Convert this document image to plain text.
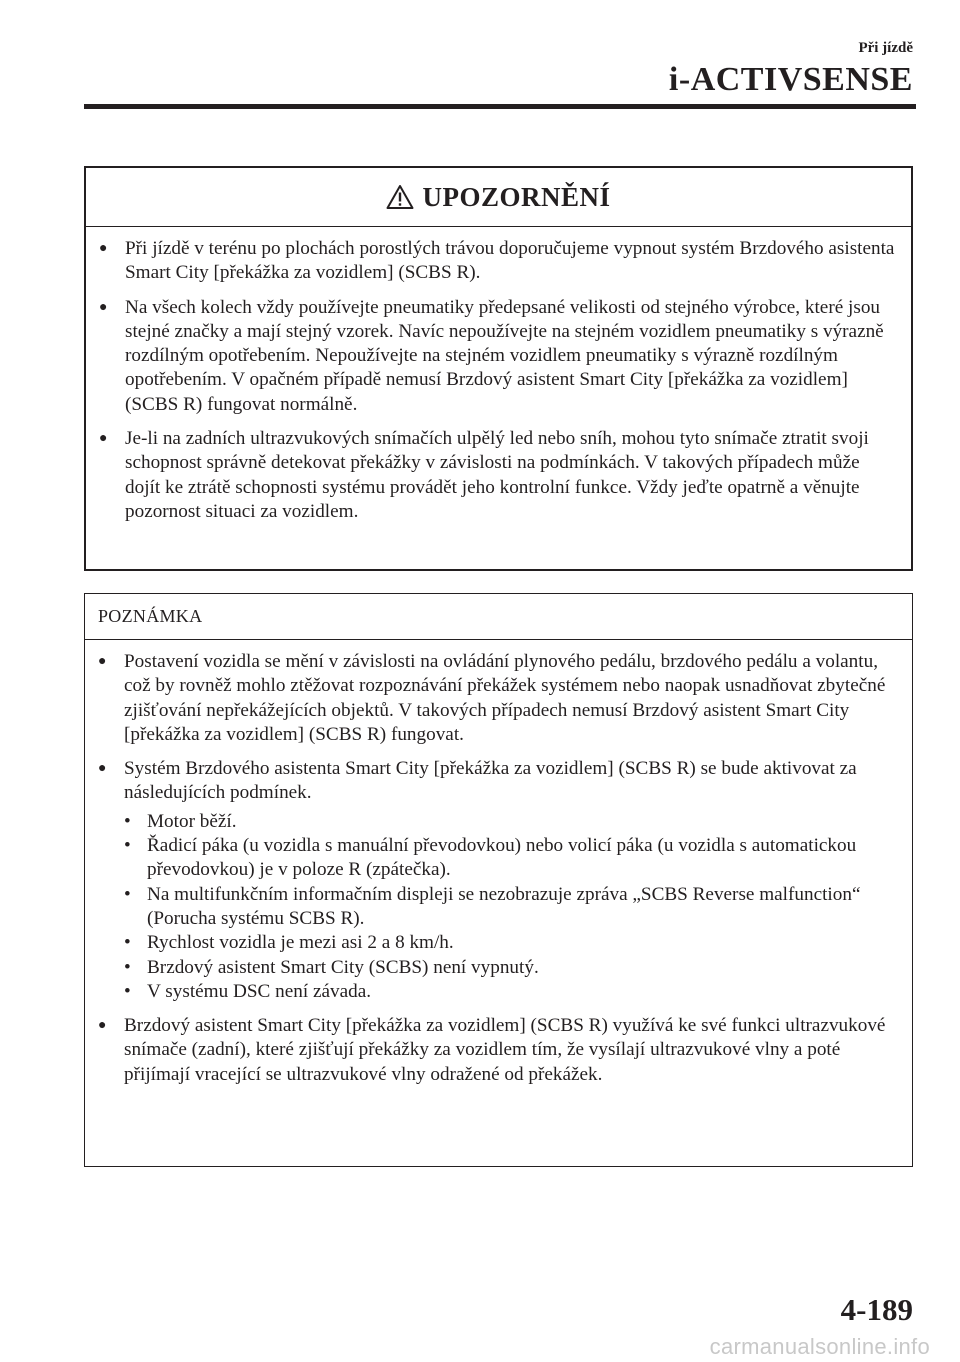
Při jízdě
i-ACTIVSENSE
UPOZORNĚNÍ
● Při jízdě v terénu po plochách porostlých trávou doporučujeme vypnout systém Brzdového asistenta Smart City [překážka za vozidlem] (SCBS R).
● Na všech kolech vždy používejte pneumatiky předepsané velikosti od stejného výrobce, které jsou stejné značky a mají stejný vzorek. Navíc nepoužívejte na stejném vozidlem pneumatiky s výrazně rozdílným opotřebením. Nepoužívejte na stejném vozidlem pneumatiky s výrazně rozdílným opotřebením. V opačném případě nemusí Brzdový asistent Smart City [překážka za vozidlem] (SCBS R) fungovat normálně.
● Je-li na zadních ultrazvukových snímačích ulpělý led nebo sníh, mohou tyto snímače ztratit svoji schopnost správně detekovat překážky v závislosti na podmínkách. V takových případech může dojít ke ztrátě schopnosti systému provádět jeho kontrolní funkce. Vždy jeďte opatrně a věnujte pozornost situaci za vozidlem.
POZNÁMKA
● Postavení vozidla se mění v závislosti na ovládání plynového pedálu, brzdového pedálu a volantu, což by rovněž mohlo ztěžovat rozpoznávání překážek systémem nebo naopak usnadňovat zbytečné zjišťování nepřekážejících objektů. V takových případech nemusí Brzdový asistent Smart City [překážka za vozidlem] (SCBS R) fungovat.
● Systém Brzdového asistenta Smart City [překážka za vozidlem] (SCBS R) se bude aktivovat za následujících podmínek.
• Motor běží.
• Řadicí páka (u vozidla s manuální převodovkou) nebo volicí páka (u vozidla s automatickou převodovkou) je v poloze R (zpátečka).
• Na multifunkčním informačním displeji se nezobrazuje zpráva „SCBS Reverse malfunction“ (Porucha systému SCBS R).
• Rychlost vozidla je mezi asi 2 a 8 km/h.
• Brzdový asistent Smart City (SCBS) není vypnutý.
• V systému DSC není závada.
● Brzdový asistent Smart City [překážka za vozidlem] (SCBS R) využívá ke své funkci ultrazvukové snímače (zadní), které zjišťují překážky za vozidlem tím, že vysílají ultrazvukové vlny a poté přijímají vracející se ultrazvukové vlny odražené od překážek.
4-189
carmanualsonline.info
